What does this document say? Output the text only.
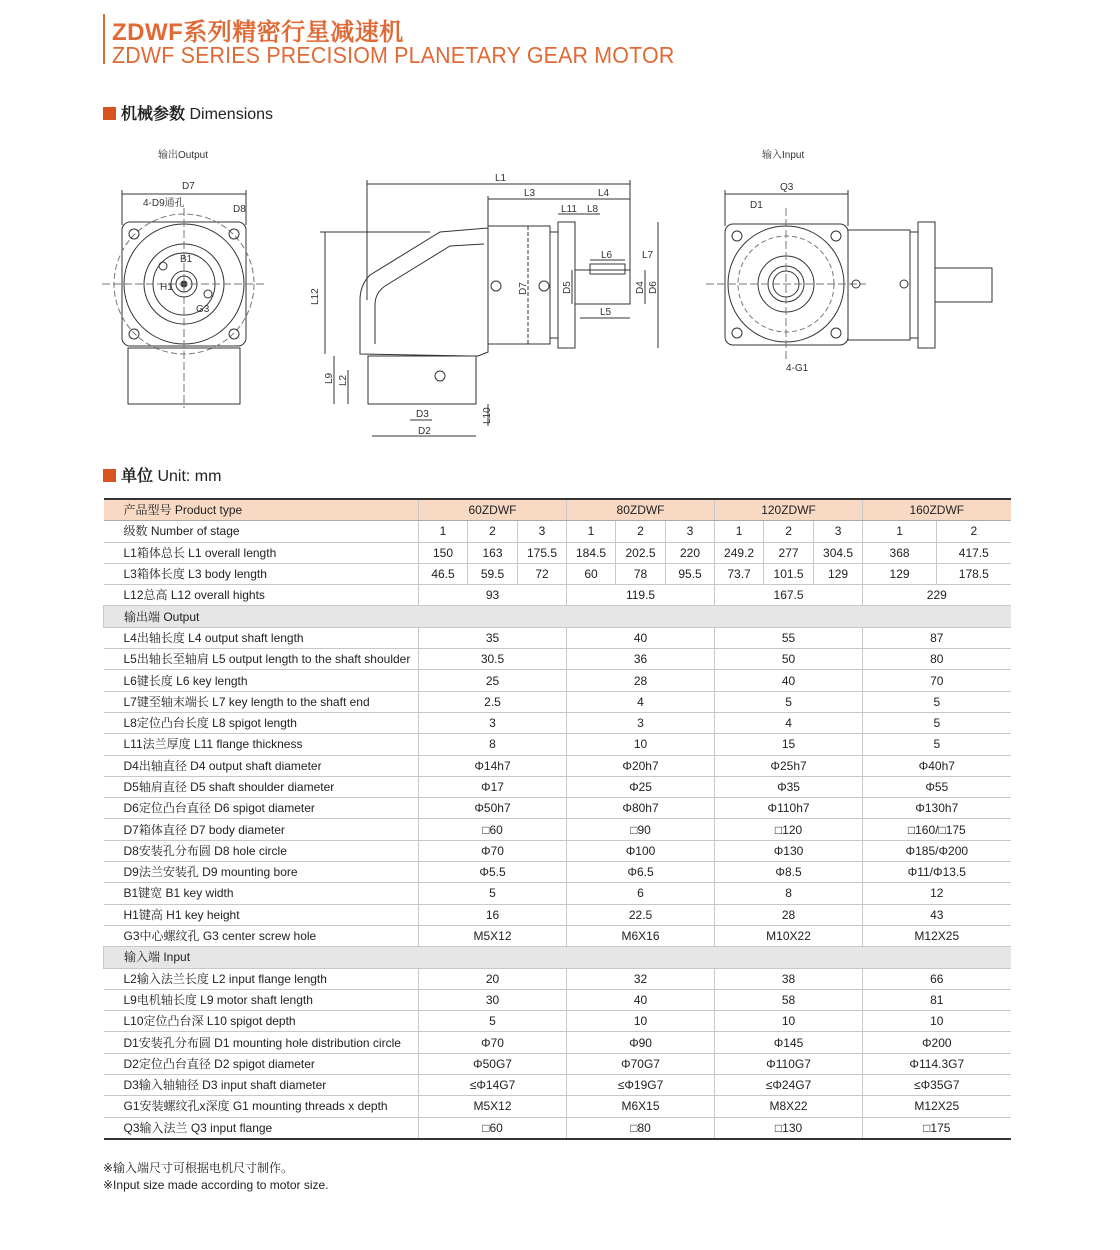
ZDWF系列精密行星减速机
ZDWF SERIES PRECISIOM PLANETARY GEAR MOTOR
机械参数 Dimensions
输出Output
D7
4-D9通孔
D8
B1
H1
G3
L1
L3	L4
L11 L8
L6	L7
L5
L12	D7	D5	D4 D6
L9 L2
D3
D2
L10
输入Input
Q3
D1
4-G1
单位 Unit: mm
产品型号 Product type	60ZDWF			80ZDWF			120ZDWF			160ZDWF	
级数 Number of stage	1	2	3	1	2	3	1	2	3	1	2
L1箱体总长 L1 overall length	150	163	175.5	184.5	202.5	220	249.2	277	304.5	368	417.5
L3箱体长度 L3 body length	46.5	59.5	72	60	78	95.5	73.7	101.5	129	129	178.5
L12总高 L12 overall hights	93			119.5			167.5			229	
输出端 Output											
L4出轴长度 L4 output shaft length	35			40			55			87	
L5出轴长至轴肩 L5 output length to the shaft shoulder	30.5			36			50			80	
L6键长度 L6 key length	25			28			40			70	
L7键至轴末端长 L7 key length to the shaft end	2.5			4			5			5	
L8定位凸台长度 L8 spigot length	3			3			4			5	
L11法兰厚度 L11 flange thickness	8			10			15			5	
D4出轴直径 D4 output shaft diameter	Φ14h7			Φ20h7			Φ25h7			Φ40h7	
D5轴肩直径 D5 shaft shoulder diameter	Φ17			Φ25			Φ35			Φ55	
D6定位凸台直径 D6 spigot diameter	Φ50h7			Φ80h7			Φ110h7			Φ130h7	
D7箱体直径 D7 body diameter	□60			□90			□120			□160/□175	
D8安装孔分布圆 D8 hole circle	Φ70			Φ100			Φ130			Φ185/Φ200	
D9法兰安装孔 D9 mounting bore	Φ5.5			Φ6.5			Φ8.5			Φ11/Φ13.5	
B1键宽 B1 key width	5			6			8			12	
H1键高 H1 key height	16			22.5			28			43	
G3中心螺纹孔 G3 center screw hole	M5X12			M6X16			M10X22			M12X25	
输入端 Input											
L2输入法兰长度 L2 input flange length	20			32			38			66	
L9电机轴长度 L9 motor shaft length	30			40			58			81	
L10定位凸台深 L10 spigot depth	5			10			10			10	
D1安装孔分布圆 D1 mounting hole distribution circle	Φ70			Φ90			Φ145			Φ200	
D2定位凸台直径 D2 spigot diameter	Φ50G7			Φ70G7			Φ110G7			Φ114.3G7	
D3输入轴轴径 D3 input shaft diameter	≤Φ14G7			≤Φ19G7			≤Φ24G7			≤Φ35G7	
G1安装螺纹孔x深度 G1 mounting threads x depth	M5X12			M6X15			M8X22			M12X25	
Q3输入法兰 Q3 input flange	□60			□80			□130			□175	
※输入端尺寸可根据电机尺寸制作。
※Input size made according to motor size.
